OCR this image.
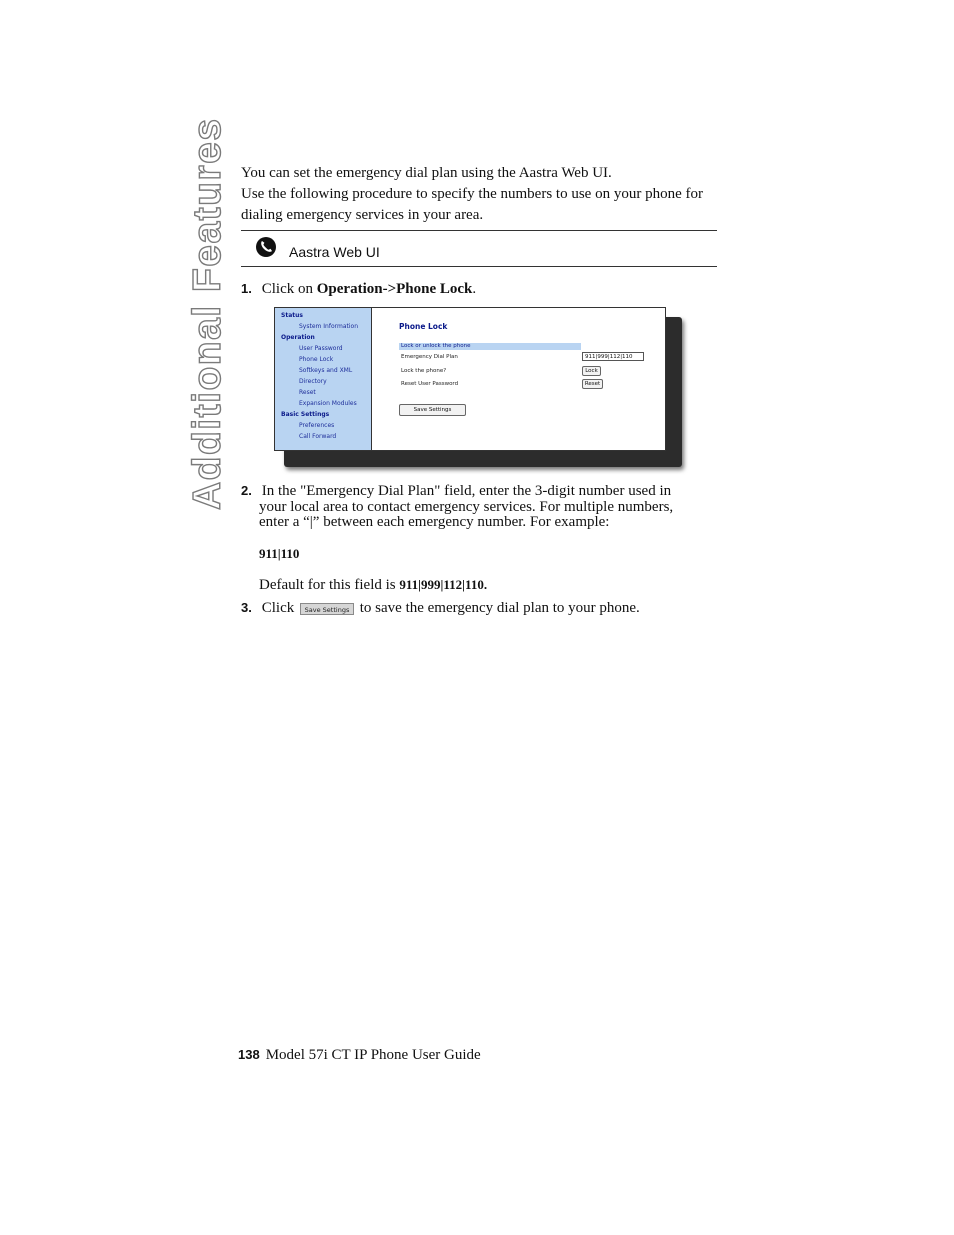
Additional Features You can set the emergency dial plan using the Aastra Web UI.

Use the following procedure to specify the numbers to use on your phone for dialing emergency services in your area.

Aastra Web UI
1. Click on Operation->Phone Lock.
Status
System Information
Operation
User Password
Phone Lock
Softkeys and XML
Directory
Reset
Expansion Modules
Basic Settings
Preferences
Call Forward
Phone Lock
Lock or unlock the phone
Emergency Dial Plan	911|999|112|110
Lock the phone?	Lock
Reset User Password	Reset
Save Settings
2. In the "Emergency Dial Plan" field, enter the 3-digit number used in
your local area to contact emergency services. For multiple numbers,
enter a “|” between each emergency number. For example:
911|110
Default for this field is 911|999|112|110.
3. Click Save Settings to save the emergency dial plan to your phone.
138 Model 57i CT IP Phone User Guide
